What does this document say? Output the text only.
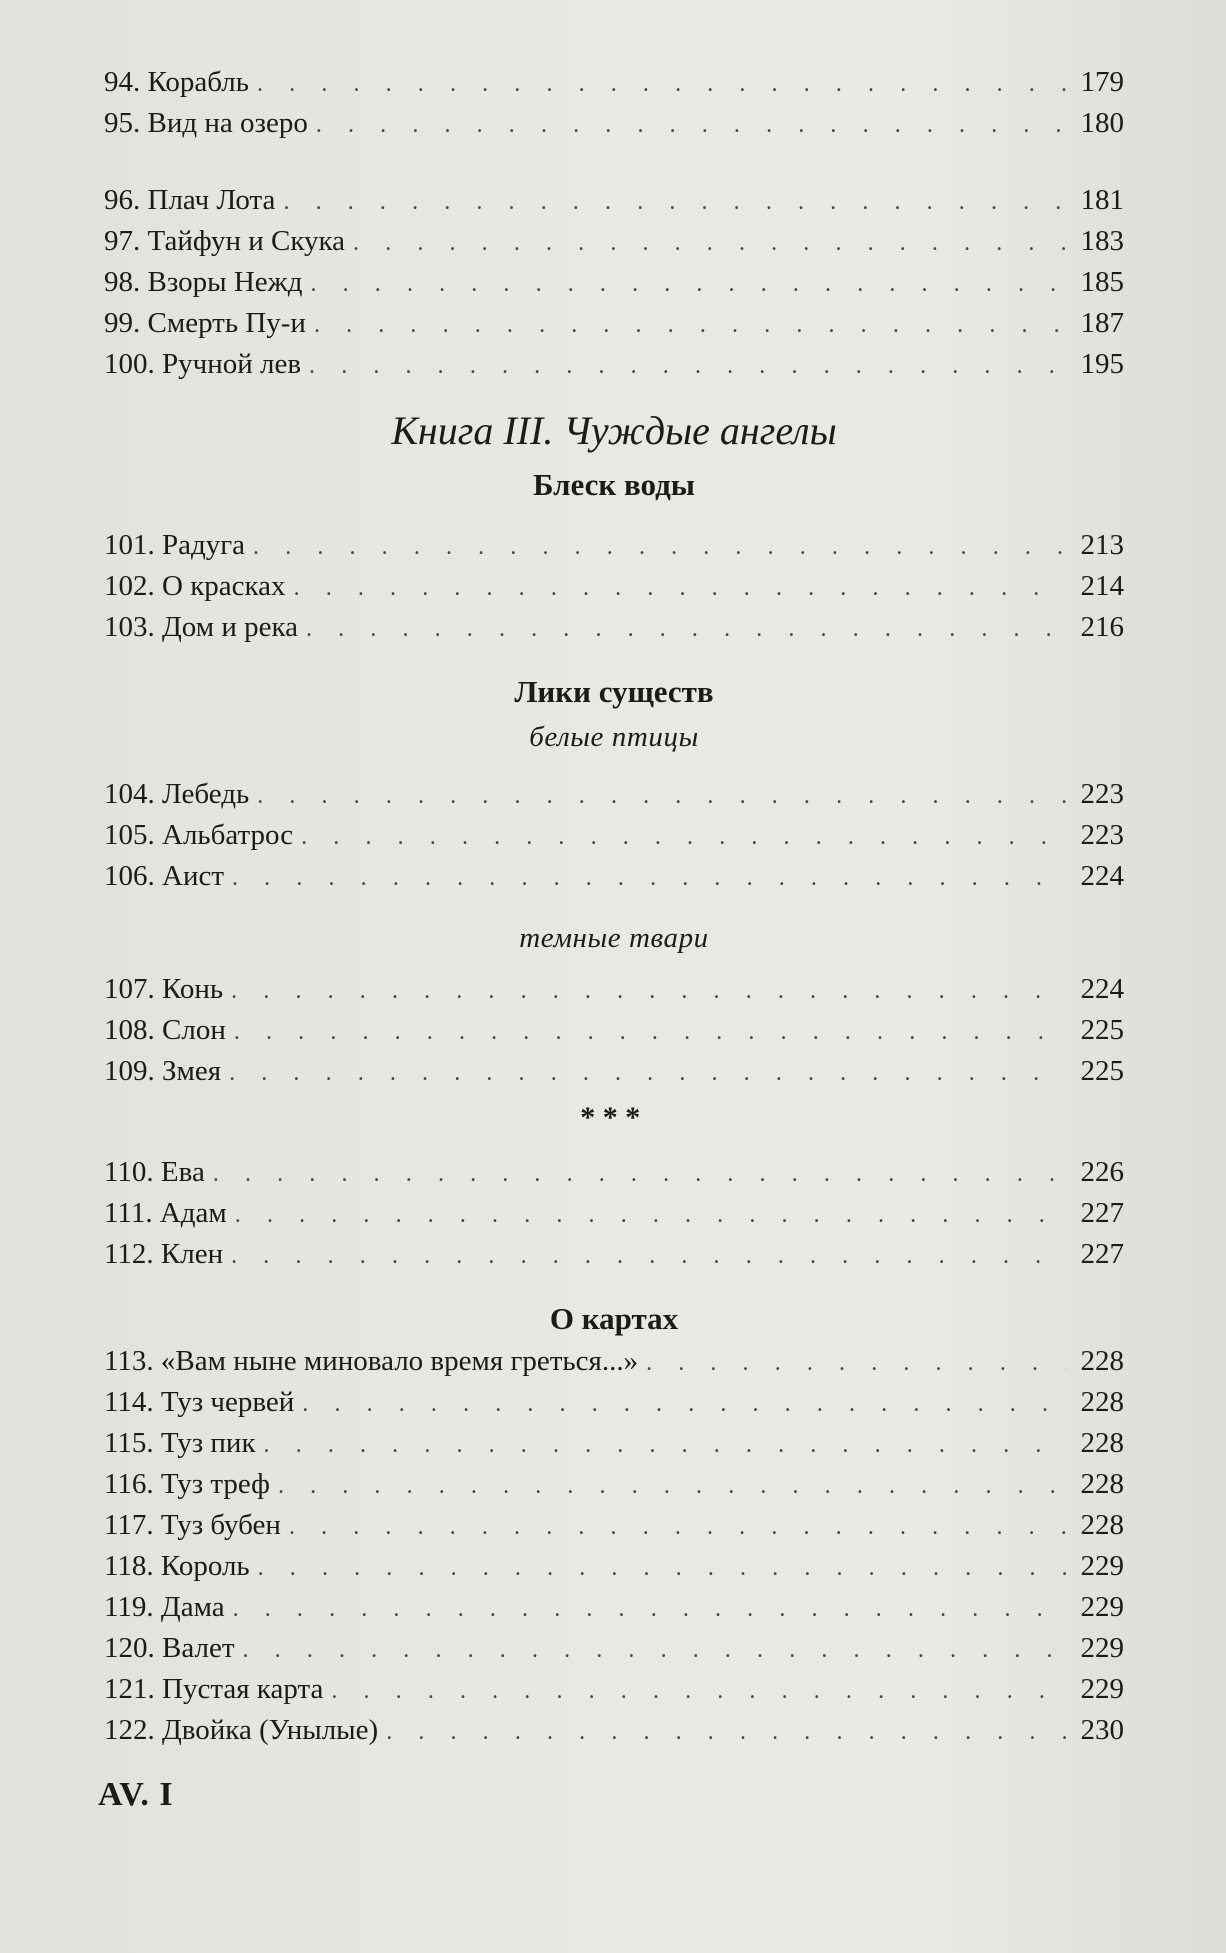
94. Корабль . . .	179
95. Вид на озеро . . .	180
96. Плач Лота . . .	181
97. Тайфун и Скука . . .	183
98. Взоры Нежд . . .	185
99. Смерть Пу-и . . .	187
100. Ручной лев . . .	195
Книга III. Чуждые ангелы
Блеск воды
101. Радуга . . .	213
102. О красках . . .	214
103. Дом и река . . .	216
Лики существ
белые птицы
104. Лебедь . . .	223
105. Альбатрос . . .	223
106. Аист . . .	224
темные твари
107. Конь . . .	224
108. Слон . . .	225
109. Змея . . .	225
***
110. Ева . . .	226
111. Адам . . .	227
112. Клен . . .	227
О картах
113. «Вам ныне миновало время греться...» . . .	228
114. Туз червей . . .	228
115. Туз пик . . .	228
116. Туз треф . . .	228
117. Туз бубен . . .	228
118. Король . . .	229
119. Дама . . .	229
120. Валет . . .	229
121. Пустая карта . . .	229
122. Двойка (Унылые) . . .	230
AV. I
